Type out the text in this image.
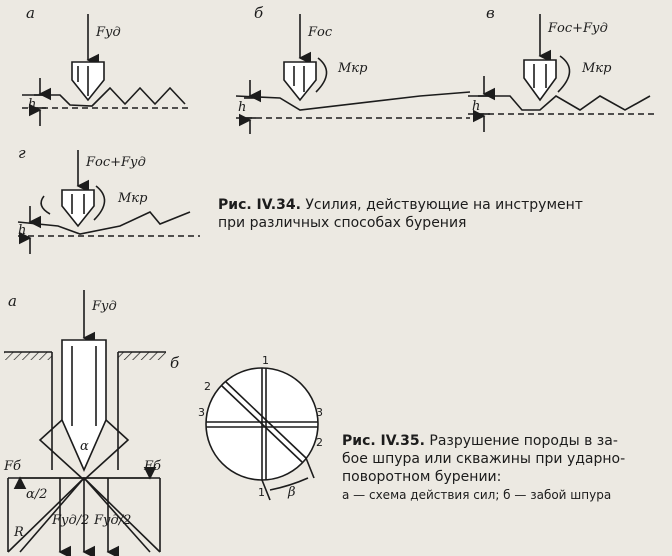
а	б	в
г
Fуд	Fос	Fос+Fуд
Fос+Fуд
Mкр	Mкр
Mкр
h	h	h
h
Рис. IV.34. Усилия, действующие на инструмент
при различных способах бурения
а	Fуд
α
Fб	Fб
α/2
R
Fуд/2 Fуд/2
б	1
2
3	3
2
1 β
Рис. IV.35. Разрушение породы в за-
бое шпура или скважины при ударно-
поворотном бурении:
а — схема действия сил; б — забой шпура
